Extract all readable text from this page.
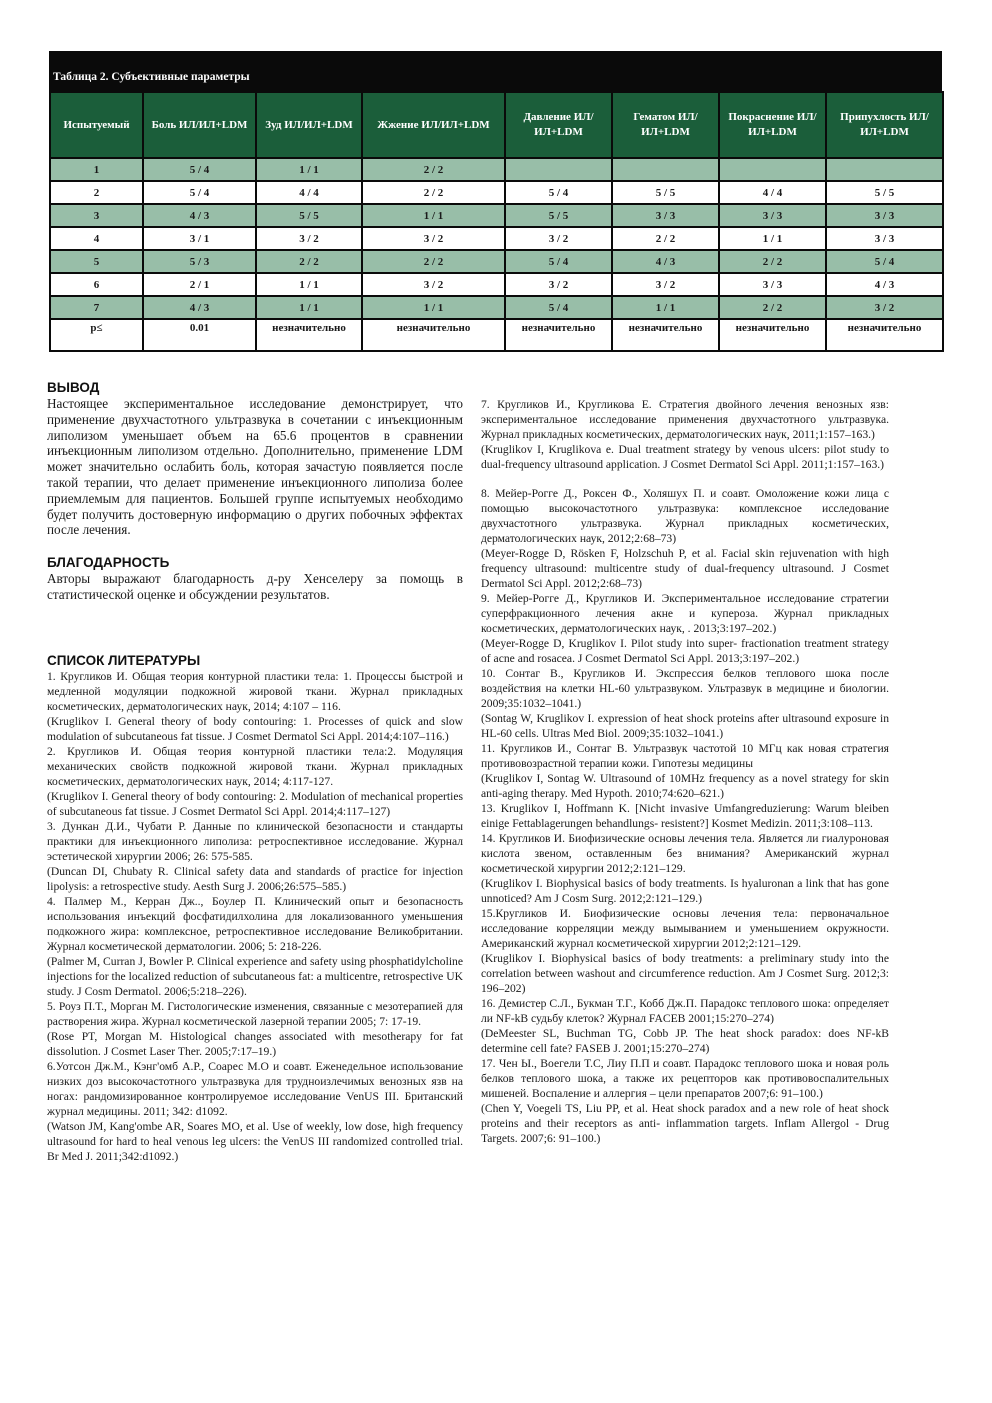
Таблица 2. Субъективные параметры
Испытуемый	Боль ИЛ/ИЛ+LDM	Зуд ИЛ/ИЛ+LDM	Жжение ИЛ/ИЛ+LDM	Давление ИЛ/ИЛ+LDM	Гематом ИЛ/ИЛ+LDM	Покраснение ИЛ/ИЛ+LDM	Припухлость ИЛ/ИЛ+LDM
1	5 / 4	1 / 1	2 / 2				
2	5 / 4	4 / 4	2 / 2	5 / 4	5 / 5	4 / 4	5 / 5
3	4 / 3	5 / 5	1 / 1	5 / 5	3 / 3	3 / 3	3 / 3
4	3 / 1	3 / 2	3 / 2	3 / 2	2 / 2	1 / 1	3 / 3
5	5 / 3	2 / 2	2 / 2	5 / 4	4 / 3	2 / 2	5 / 4
6	2 / 1	1 / 1	3 / 2	3 / 2	3 / 2	3 / 3	4 / 3
7	4 / 3	1 / 1	1 / 1	5 / 4	1 / 1	2 / 2	3 / 2
p≤	0.01	незначительно	незначительно	незначительно	незначительно	незначительно	незначительно
ВЫВОД

Настоящее экспериментальное исследование демонстрирует, что применение двухчастотного ультразвука в сочетании с инъекционным липолизом уменьшает объем на 65.6 процентов в сравнении инъекционным липолизом отдельно. Дополнительно, применение LDM может значительно ослабить боль, которая зачастую появляется после такой терапии, что делает применение инъекционного липолиза более приемлемым для пациентов. Большей группе испытуемых необходимо будет получить достоверную информацию о других побочных эффектах после лечения.

БЛАГОДАРНОСТЬ

Авторы выражают благодарность д-ру Хенселеру за помощь в статистической оценке и обсуждении результатов.

СПИСОК ЛИТЕРАТУРЫ

1. Кругликов И. Общая теория контурной пластики тела: 1. Процессы быстрой и медленной модуляции подкожной жировой ткани. Журнал прикладных косметических, дерматологических наук, 2014; 4:107 – 116.

(Kruglikov I. General theory of body contouring: 1. Processes of quick and slow modulation of subcutaneous fat tissue. J Cosmet Dermatol Sci Appl. 2014;4:107–116.)

2. Кругликов И. Общая теория контурной пластики тела:2. Модуляция механических свойств подкожной жировой ткани. Журнал прикладных косметических, дерматологических наук, 2014; 4:117-127.

(Kruglikov I. General theory of body contouring: 2. Modulation of mechanical properties of subcutaneous fat tissue. J Cosmet Dermatol Sci Appl. 2014;4:117–127)

3. Дункан Д.И., Чубати Р. Данные по клинической безопасности и стандарты практики для инъекционного липолиза: ретроспективное исследование. Журнал эстетической хирургии 2006; 26: 575-585.

(Duncan DI, Chubaty R. Clinical safety data and standards of practice for injection lipolysis: a retrospective study. Aesth Surg J. 2006;26:575–585.)

4. Палмер М., Керран Дж.., Боулер П. Клинический опыт и безопасность использования инъекций фосфатидилхолина для локализованного уменьшения подкожного жира: комплексное, ретроспективное исследование Великобритании. Журнал косметической дерматологии. 2006; 5: 218-226.

(Palmer M, Curran J, Bowler P. Clinical experience and safety using phosphatidylcholine injections for the localized reduction of subcutaneous fat: a multicentre, retrospective UK study. J Cosm Dermatol. 2006;5:218–226).

5. Роуз П.Т., Морган М. Гистологические изменения, связанные с мезотерапией для растворения жира. Журнал косметической лазерной терапии 2005; 7: 17-19.

(Rose PT, Morgan M. Histological changes associated with mesotherapy for fat dissolution. J Cosmet Laser Ther. 2005;7:17–19.)

6.Уотсон Дж.М., Кэнг'омб А.Р., Соарес М.О и соавт. Еженедельное использование низких доз высокочастотного ультразвука для трудноизлечимых венозных язв на ногах: рандомизированное контролируемое исследование VenUS III. Британский журнал медицины. 2011; 342: d1092.

(Watson JM, Kang'ombe AR, Soares MO, et al. Use of weekly, low dose, high frequency ultrasound for hard to heal venous leg ulcers: the VenUS III randomized controlled trial. Br Med J. 2011;342:d1092.)

7. Кругликов И., Кругликова Е. Стратегия двойного лечения венозных язв: экспериментальное исследование применения двухчастотного ультразвука. Журнал прикладных косметических, дерматологических наук, 2011;1:157–163.)

(Kruglikov I, Kruglikova e. Dual treatment strategy by venous ulcers: pilot study to dual-frequency ultrasound application. J Cosmet Dermatol Sci Appl. 2011;1:157–163.)

8. Мейер-Рогге Д., Роксен Ф., Холяшух П. и соавт. Омоложение кожи лица с помощью высокочастотного ультразвука: комплексное исследование двухчастотного ультразвука. Журнал прикладных косметических, дерматологических наук, 2012;2:68–73)

(Meyer-Rogge D, Rösken F, Holzschuh P, et al. Facial skin rejuvenation with high frequency ultrasound: multicentre study of dual-frequency ultrasound. J Cosmet Dermatol Sci Appl. 2012;2:68–73)

9. Мейер-Рогге Д., Кругликов И. Экспериментальное исследование стратегии суперфракционного лечения акне и купероза. Журнал прикладных косметических, дерматологических наук, . 2013;3:197–202.)

(Meyer-Rogge D, Kruglikov I. Pilot study into super- fractionation treatment strategy of acne and rosacea. J Cosmet Dermatol Sci Appl. 2013;3:197–202.)

10. Сонтаг В., Кругликов И. Экспрессия белков теплового шока после воздействия на клетки HL-60 ультразвуком. Ультразвук в медицине и биологии. 2009;35:1032–1041.)

(Sontag W, Kruglikov I. expression of heat shock proteins after ultrasound exposure in HL-60 cells. Ultras Med Biol. 2009;35:1032–1041.)

11. Кругликов И., Сонтаг В. Ультразвук частотой 10 МГц как новая стратегия противовозрастной терапии кожи. Гипотезы медицины

(Kruglikov I, Sontag W. Ultrasound of 10MHz frequency as a novel strategy for skin anti-aging therapy. Med Hypoth. 2010;74:620–621.)

13. Kruglikov I, Hoffmann K. [Nicht invasive Umfangreduzierung: Warum bleiben einige Fettablagerungen behandlungs- resistent?] Kosmet Medizin. 2011;3:108–113.

14. Кругликов И. Биофизические основы лечения тела. Является ли гиалуроновая кислота звеном, оставленным без внимания? Американский журнал косметической хирургии 2012;2:121–129.

(Kruglikov I. Biophysical basics of body treatments. Is hyaluronan a link that has gone unnoticed? Am J Cosm Surg. 2012;2:121–129.)

15.Кругликов И. Биофизические основы лечения тела: первоначальное исследование корреляции между вымыванием и уменьшением окружности. Американский журнал косметической хирургии 2012;2:121–129.

(Kruglikov I. Biophysical basics of body treatments: a preliminary study into the correlation between washout and circumference reduction. Am J Cosmet Surg. 2012;3: 196–202)

16. Демистер С.Л., Букман Т.Г., Кобб Дж.П. Парадокс теплового шока: определяет ли NF-kB судьбу клеток? Журнал FACEB 2001;15:270–274)

(DeMeester SL, Buchman TG, Cobb JP. The heat shock paradox: does NF-kB determine cell fate? FASEB J. 2001;15:270–274)

17. Чен Ы., Воегели Т.С, Лиу П.П и соавт. Парадокс теплового шока и новая роль белков теплового шока, а также их рецепторов как противовоспалительных мишеней. Воспаление и аллергия – цели препаратов 2007;6: 91–100.)

(Chen Y, Voegeli TS, Liu PP, et al. Heat shock paradox and a new role of heat shock proteins and their receptors as anti- inflammation targets. Inflam Allergol - Drug Targets. 2007;6: 91–100.)
